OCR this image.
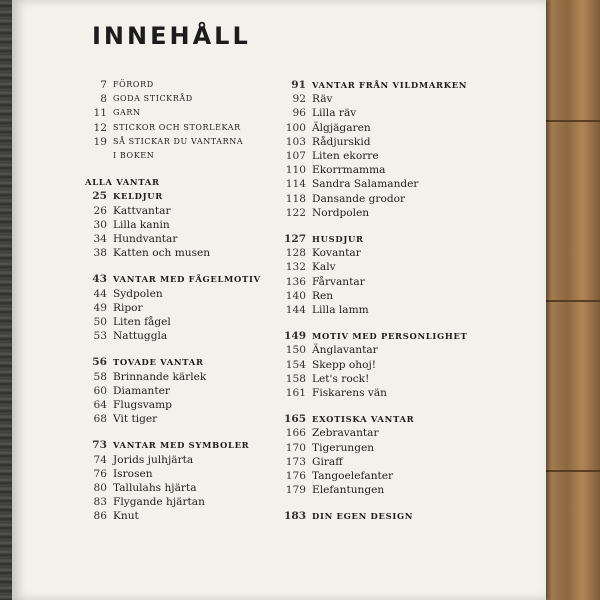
INNEHÅLL
7 FÖRORD
8 GODA STICKRÅD
11 GARN
12 STICKOR OCH STORLEKAR
19 SÅ STICKAR DU VANTARNA
I BOKEN
ALLA VANTAR
25 KELDJUR
26 Kattvantar
30 Lilla kanin
34 Hundvantar
38 Katten och musen
43 VANTAR MED FÅGELMOTIV
44 Sydpolen
49 Ripor
50 Liten fågel
53 Nattuggla
56 TOVADE VANTAR
58 Brinnande kärlek
60 Diamanter
64 Flugsvamp
68 Vit tiger
73 VANTAR MED SYMBOLER
74 Jorids julhjärta
76 Isrosen
80 Tallulahs hjärta
83 Flygande hjärtan
86 Knut
91 VANTAR FRÅN VILDMARKEN
92 Räv
96 Lilla räv
100 Älgjägaren
103 Rådjurskid
107 Liten ekorre
110 Ekorrmamma
114 Sandra Salamander
118 Dansande grodor
122 Nordpolen
127 HUSDJUR
128 Kovantar
132 Kalv
136 Fårvantar
140 Ren
144 Lilla lamm
149 MOTIV MED PERSONLIGHET
150 Änglavantar
154 Skepp ohoj!
158 Let's rock!
161 Fiskarens vän
165 EXOTISKA VANTAR
166 Zebravantar
170 Tigerungen
173 Giraff
176 Tangoelefanter
179 Elefantungen
183 DIN EGEN DESIGN
